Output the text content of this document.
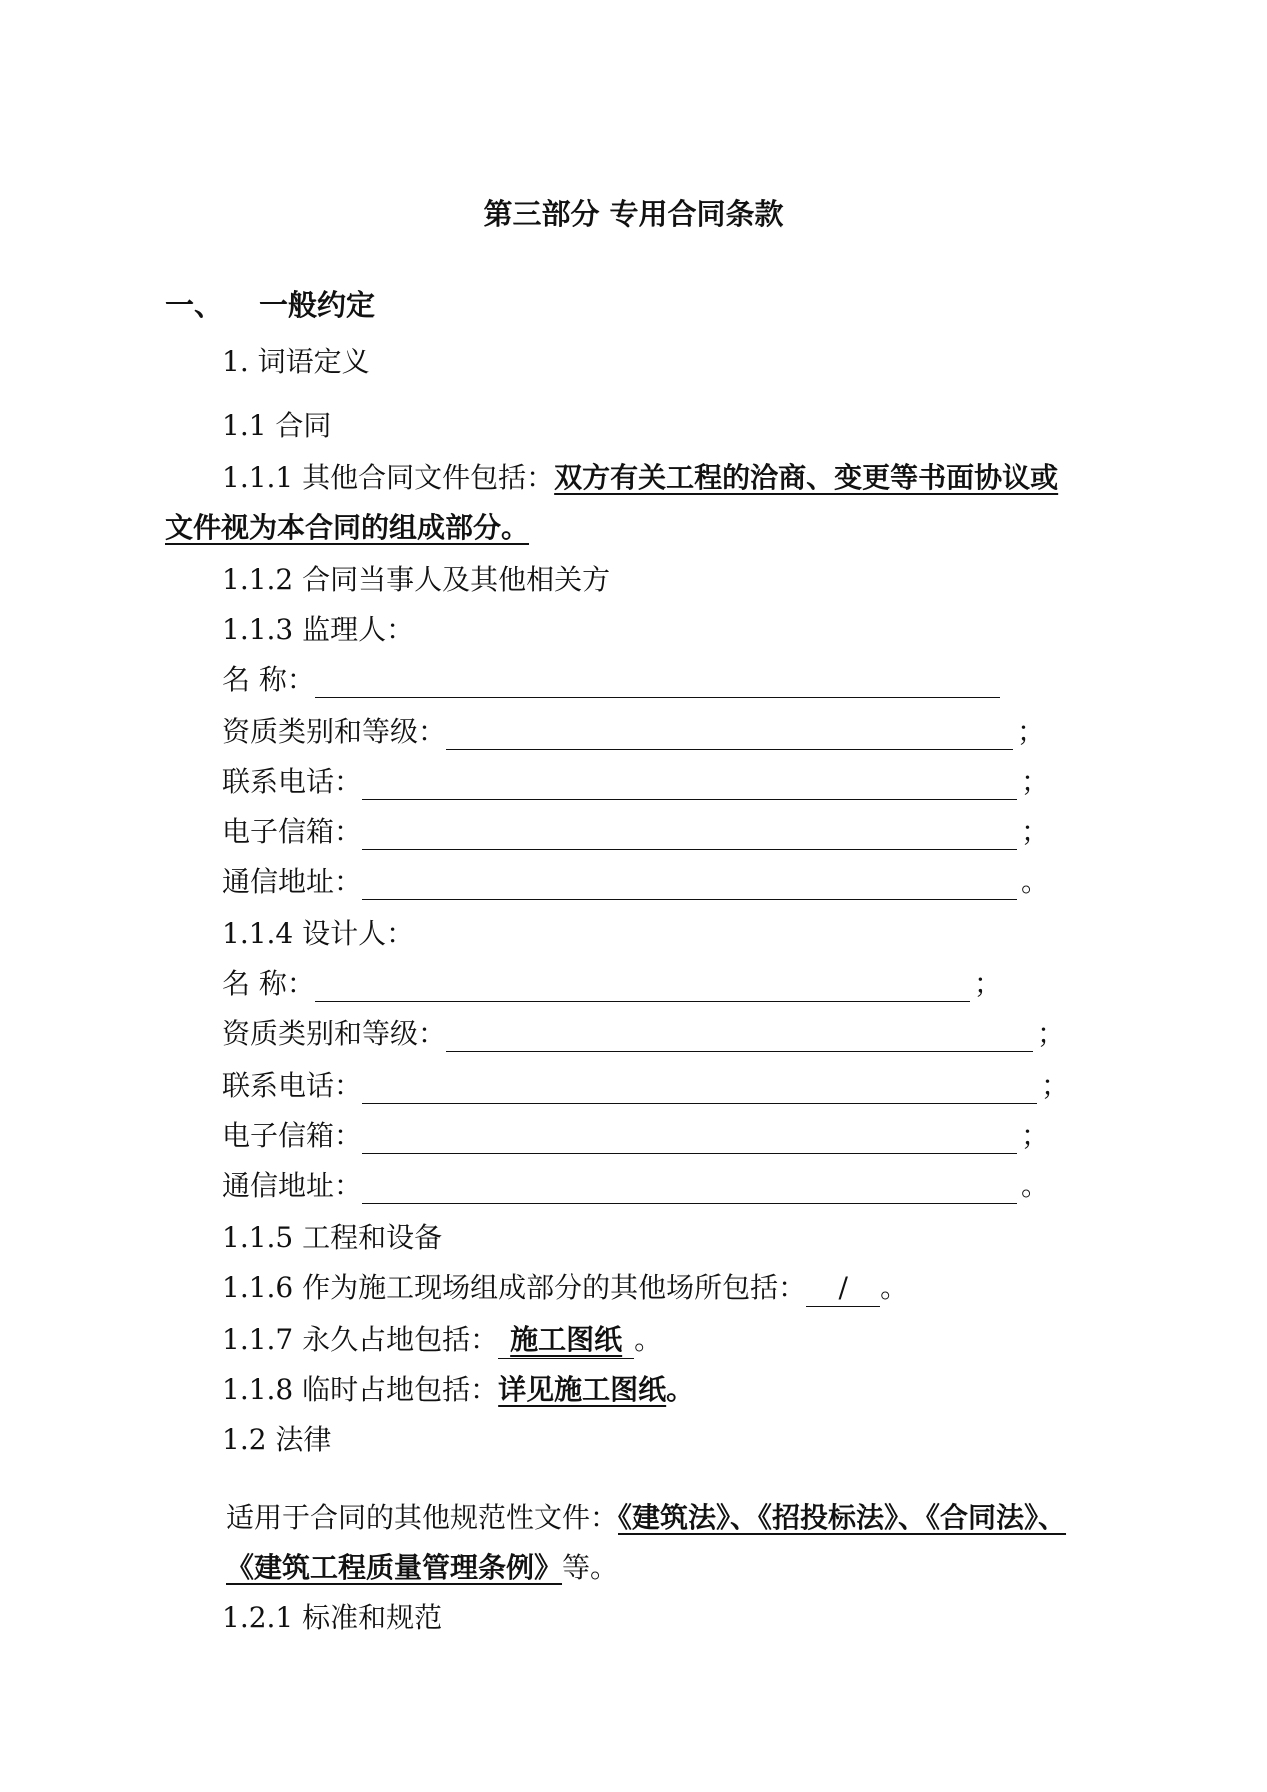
第三部分 专用合同条款
一、 一般约定
1. 词语定义
1.1 合同
1.1.1 其他合同文件包括：双方有关工程的洽商、变更等书面协议或
文件视为本合同的组成部分。
1.1.2 合同当事人及其他相关方
1.1.3 监理人：
名 称：
资质类别和等级：	；
联系电话：	；
电子信箱：	；
通信地址：	。
1.1.4 设计人：
名 称：	；
资质类别和等级：	；
联系电话：	；
电子信箱：	；
通信地址：	。
1.1.5 工程和设备
1.1.6 作为施工现场组成部分的其他场所包括： / 。
1.1.7 永久占地包括： 施工图纸 。
1.1.8 临时占地包括：详见施工图纸。
1.2 法律
适用于合同的其他规范性文件：《建筑法》、《招投标法》、《合同法》、
《建筑工程质量管理条例》等。
1.2.1 标准和规范
